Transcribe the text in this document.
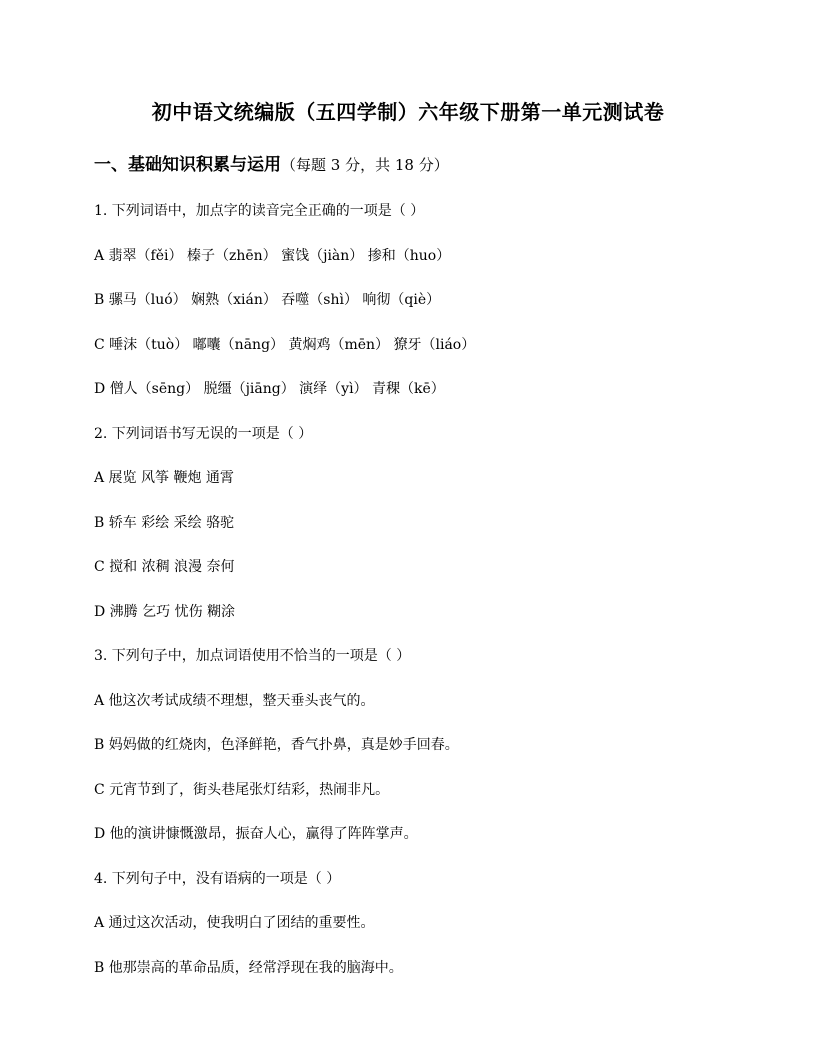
初中语文统编版（五四学制）六年级下册第一单元测试卷
一、基础知识积累与运用（每题 3 分，共 18 分）
1. 下列词语中，加点字的读音完全正确的一项是（ ）
A 翡翠（fěi） 榛子（zhēn） 蜜饯（jiàn） 掺和（huo）
B 骡马（luó） 娴熟（xián） 吞噬（shì） 响彻（qiè）
C 唾沫（tuò） 嘟囔（nāng） 黄焖鸡（mēn） 獠牙（liáo）
D 僧人（sēng） 脱缰（jiāng） 演绎（yì） 青稞（kē）
2. 下列词语书写无误的一项是（ ）
A 展览 风筝 鞭炮 通霄
B 轿车 彩绘 采绘 骆驼
C 搅和 浓稠 浪漫 奈何
D 沸腾 乞巧 忧伤 糊涂
3. 下列句子中，加点词语使用不恰当的一项是（ ）
A 他这次考试成绩不理想，整天垂头丧气的。
B 妈妈做的红烧肉，色泽鲜艳，香气扑鼻，真是妙手回春。
C 元宵节到了，街头巷尾张灯结彩，热闹非凡。
D 他的演讲慷慨激昂，振奋人心，赢得了阵阵掌声。
4. 下列句子中，没有语病的一项是（ ）
A 通过这次活动，使我明白了团结的重要性。
B 他那崇高的革命品质，经常浮现在我的脑海中。
